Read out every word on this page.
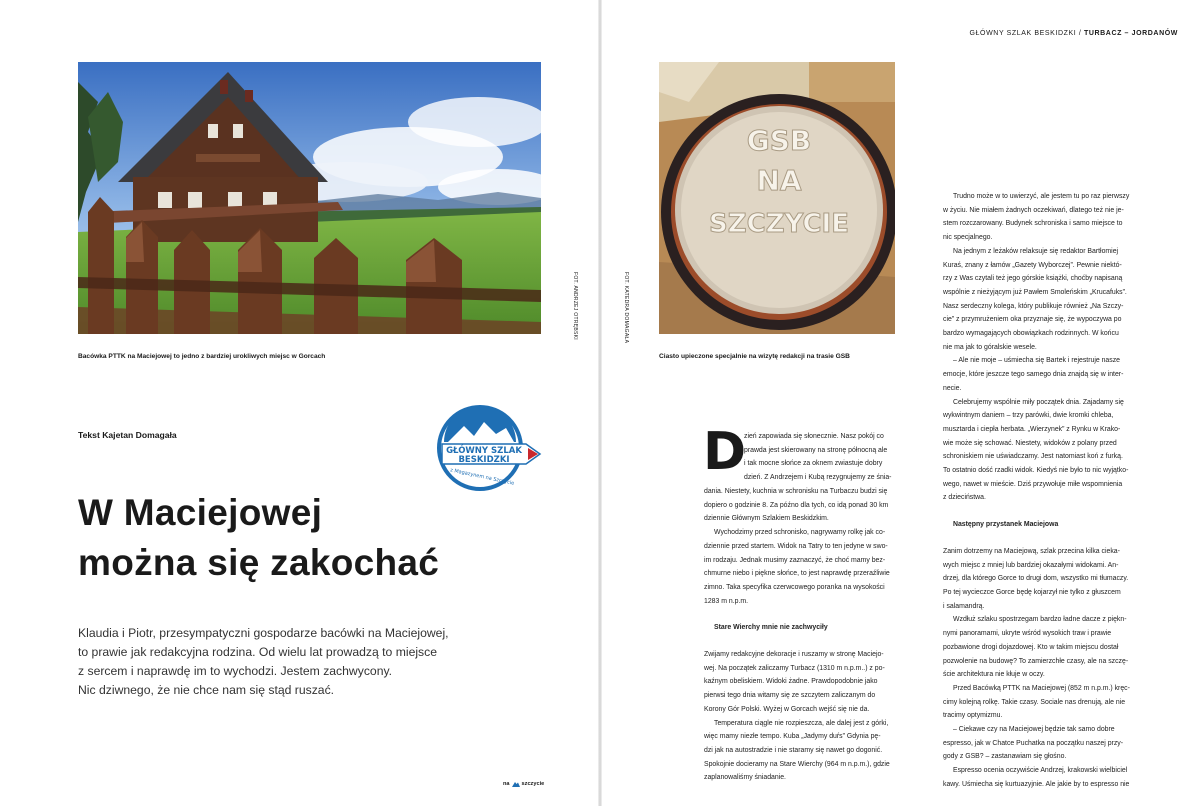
GŁÓWNY SZLAK BESKIDZKI / TURBACZ – JORDANÓW
FOT. ANDRZEJ OTRĘBSKI
Bacówka PTTK na Maciejowej to jedno z bardziej urokliwych miejsc w Gorcach
GSB
NA
SZCZYCIE
FOT. KATEDRA DOMAGAŁA
Ciasto upieczone specjalnie na wizytę redakcji na trasie GSB
GŁÓWNY SZLAK
BESKIDZKI
z Magazynem na Szczycie
Tekst Kajetan Domagała
W Maciejowej
można się zakochać
Klaudia i Piotr, przesympatyczni gospodarze bacówki na Maciejowej,
to prawie jak redakcyjna rodzina. Od wielu lat prowadzą to miejsce
z sercem i naprawdę im to wychodzi. Jestem zachwycony.
Nic dziwnego, że nie chce nam się stąd ruszać.
D
zień zapowiada się słonecznie. Nasz pokój co
prawda jest skierowany na stronę północną ale
i tak mocne słońce za oknem zwiastuje dobry
dzień. Z Andrzejem i Kubą rezygnujemy ze śnia-
dania. Niestety, kuchnia w schronisku na Turbaczu budzi się
dopiero o godzinie 8. Za późno dla tych, co idą ponad 30 km
dziennie Głównym Szlakiem Beskidzkim.
Wychodzimy przed schronisko, nagrywamy rolkę jak co-
dziennie przed startem. Widok na Tatry to ten jedyne w swo-
im rodzaju. Jednak musimy zaznaczyć, że choć mamy bez-
chmurne niebo i piękne słońce, to jest naprawdę przeraźliwie
zimno. Taka specyfika czerwcowego poranka na wysokości
1283 m n.p.m.
Stare Wierchy mnie nie zachwyciły
Zwijamy redakcyjne dekoracje i ruszamy w stronę Maciejo-
wej. Na początek zaliczamy Turbacz (1310 m n.p.m..) z po-
kaźnym obeliskiem. Widoki żadne. Prawdopodobnie jako
pierwsi tego dnia witamy się ze szczytem zaliczanym do
Korony Gór Polski. Wyżej w Gorcach wejść się nie da.
Temperatura ciągle nie rozpieszcza, ale dalej jest z górki,
więc mamy niezłe tempo. Kuba „Jadymy duŕs” Gdynia pę-
dzi jak na autostradzie i nie staramy się nawet go dogonić.
Spokojnie docieramy na Stare Wierchy (964 m n.p.m.), gdzie
zaplanowaliśmy śniadanie.
Trudno może w to uwierzyć, ale jestem tu po raz pierwszy
w życiu. Nie miałem żadnych oczekiwań, dlatego też nie je-
stem rozczarowany. Budynek schroniska i samo miejsce to
nic specjalnego.
Na jednym z leżaków relaksuje się redaktor Bartłomiej
Kuraś, znany z łamów „Gazety Wyborczej”. Pewnie niektó-
rzy z Was czytali też jego górskie książki, choćby napisaną
wspólnie z nieżyjącym już Pawłem Smoleńskim „Krucafuks”.
Nasz serdeczny kolega, który publikuje również „Na Szczy-
cie” z przymrużeniem oka przyznaje się, że wypoczywa po
bardzo wymagających obowiązkach rodzinnych. W końcu
nie ma jak to góralskie wesele.
– Ale nie moje – uśmiecha się Bartek i rejestruje nasze
emocje, które jeszcze tego samego dnia znajdą się w inter-
necie.
Celebrujemy wspólnie miły początek dnia. Zajadamy się
wykwintnym daniem – trzy parówki, dwie kromki chleba,
musztarda i ciepła herbata. „Wierzynek” z Rynku w Krako-
wie może się schować. Niestety, widoków z polany przed
schroniskiem nie uświadczamy. Jest natomiast koń z furką.
To ostatnio dość rzadki widok. Kiedyś nie było to nic wyjątko-
wego, nawet w mieście. Dziś przywołuje miłe wspomnienia
z dzieciństwa.
Następny przystanek Maciejowa
Zanim dotrzemy na Maciejową, szlak przecina kilka cieka-
wych miejsc z mniej lub bardziej okazałymi widokami. An-
drzej, dla którego Gorce to drugi dom, wszystko mi tłumaczy.
Po tej wycieczce Gorce będę kojarzył nie tylko z głuszcem
i salamandrą.
Wzdłuż szlaku spostrzegam bardzo ładne dacze z piękn-
nymi panoramami, ukryte wśród wysokich traw i prawie
pozbawione drogi dojazdowej. Kto w takim miejscu dostał
pozwolenie na budowę? To zamierzchłe czasy, ale na szczę-
ście architektura nie kłuje w oczy.
Przed Bacówką PTTK na Maciejowej (852 m n.p.m.) kręc-
cimy kolejną rolkę. Takie czasy. Sociale nas drenują, ale nie
tracimy optymizmu.
– Ciekawe czy na Maciejowej będzie tak samo dobre
espresso, jak w Chatce Puchatka na początku naszej przy-
gody z GSB? – zastanawiam się głośno.
Espresso ocenia oczywiście Andrzej, krakowski wielbiciel
kawy. Uśmiecha się kurtuazyjnie. Ale jakie by to espresso nie
na szczycie
